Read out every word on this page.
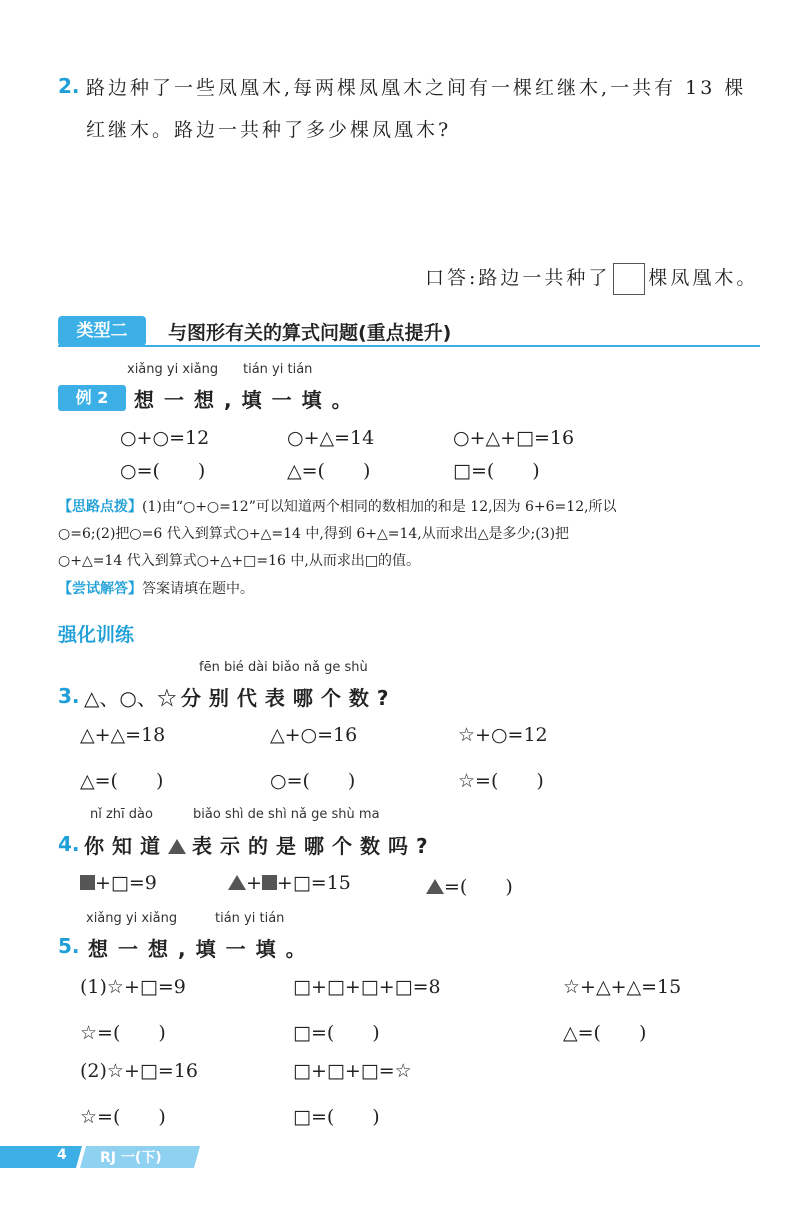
2. 路边种了一些凤凰木,每两棵凤凰木之间有一棵红继木,一共有 13 棵
红继木。路边一共种了多少棵凤凰木?
口答:路边一共种了 棵凤凰木。
类型二	与图形有关的算式问题(重点提升)
xiǎng yi xiǎng tián yi tián
例 2	想一想,填一填。
○+○=12	○+△=14	○+△+□=16
○=(　　)	△=(　　)	□=(　　)
【思路点拨】(1)由“○+○=12”可以知道两个相同的数相加的和是 12,因为 6+6=12,所以
○=6;(2)把○=6 代入到算式○+△=14 中,得到 6+△=14,从而求出△是多少;(3)把
○+△=14 代入到算式○+△+□=16 中,从而求出□的值。
【尝试解答】答案请填在题中。
强化训练
fēn bié dài biǎo nǎ ge shù
3. △、○、☆ 分别代表哪个数?
△+△=18	△+○=16	☆+○=12
△=(　　)	○=(　　)	☆=(　　)
nǐ zhī dào	biǎo shì de shì nǎ ge shù ma
4. 你知道 表示的是哪个数吗?
+□=9	+ +□=15	=(　　)
xiǎng yi xiǎng	tián yi tián
5. 想一想,填一填。
(1)☆+□=9	□+□+□+□=8	☆+△+△=15
☆=(　　)	□=(　　)	△=(　　)
(2)☆+□=16	□+□+□=☆
☆=(　　)	□=(　　)
4 RJ 一(下)
